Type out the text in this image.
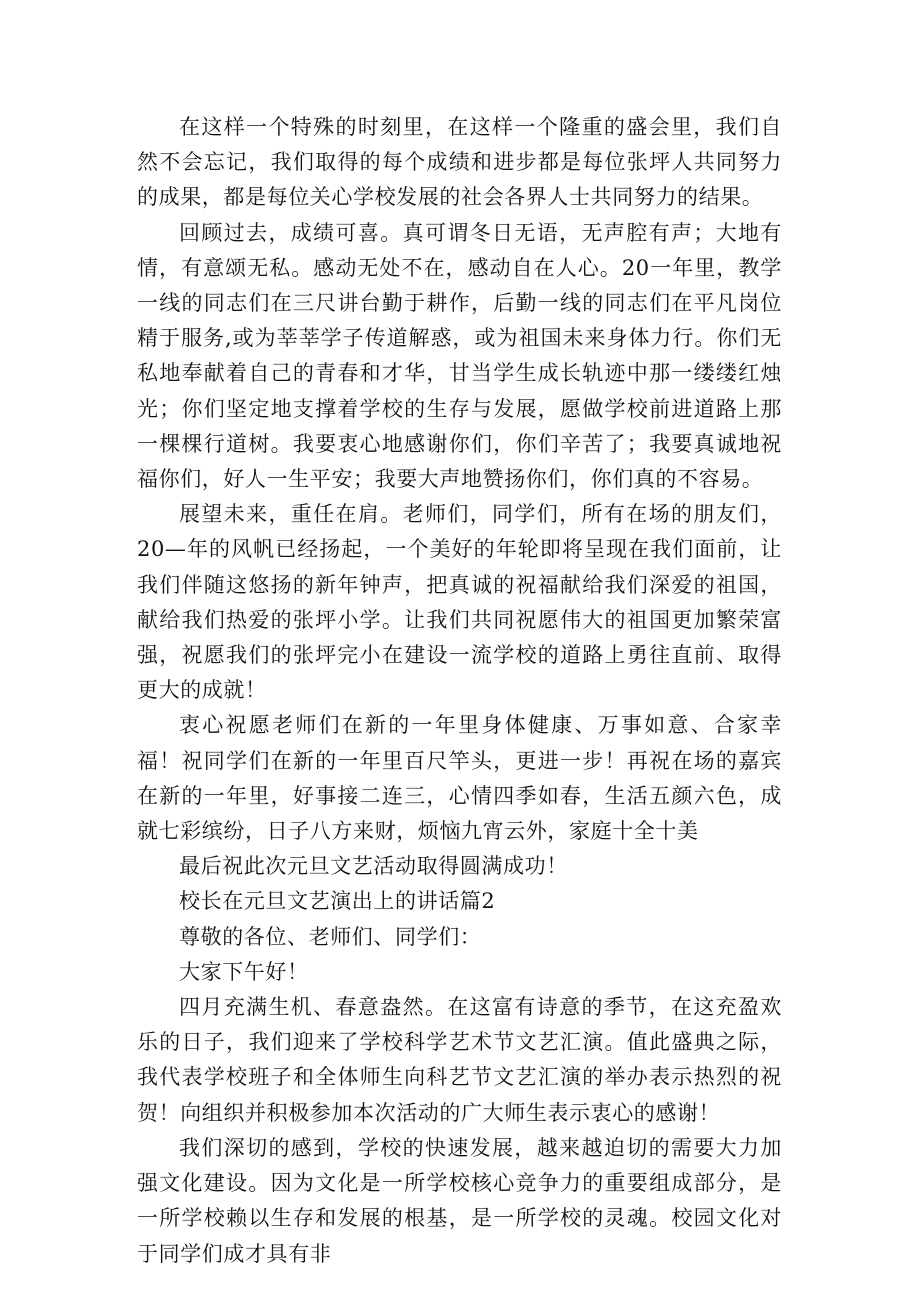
在这样一个特殊的时刻里，在这样一个隆重的盛会里，我们自然不会忘记，我们取得的每个成绩和进步都是每位张坪人共同努力的成果，都是每位关心学校发展的社会各界人士共同努力的结果。

回顾过去，成绩可喜。真可谓冬日无语，无声腔有声；大地有情，有意颂无私。感动无处不在，感动自在人心。20一年里，教学一线的同志们在三尺讲台勤于耕作，后勤一线的同志们在平凡岗位精于服务,或为莘莘学子传道解惑，或为祖国未来身体力行。你们无私地奉献着自己的青春和才华，甘当学生成长轨迹中那一缕缕红烛光；你们坚定地支撑着学校的生存与发展，愿做学校前进道路上那一棵棵行道树。我要衷心地感谢你们，你们辛苦了；我要真诚地祝福你们，好人一生平安；我要大声地赞扬你们，你们真的不容易。

展望未来，重任在肩。老师们，同学们，所有在场的朋友们，20—年的风帆已经扬起，一个美好的年轮即将呈现在我们面前，让我们伴随这悠扬的新年钟声，把真诚的祝福献给我们深爱的祖国，献给我们热爱的张坪小学。让我们共同祝愿伟大的祖国更加繁荣富强，祝愿我们的张坪完小在建设一流学校的道路上勇往直前、取得更大的成就！

衷心祝愿老师们在新的一年里身体健康、万事如意、合家幸福！祝同学们在新的一年里百尺竿头，更进一步！再祝在场的嘉宾在新的一年里，好事接二连三，心情四季如春，生活五颜六色，成就七彩缤纷，日子八方来财，烦恼九宵云外，家庭十全十美

最后祝此次元旦文艺活动取得圆满成功！

校长在元旦文艺演出上的讲话篇2

尊敬的各位、老师们、同学们：

大家下午好！

四月充满生机、春意盎然。在这富有诗意的季节，在这充盈欢乐的日子，我们迎来了学校科学艺术节文艺汇演。值此盛典之际，我代表学校班子和全体师生向科艺节文艺汇演的举办表示热烈的祝贺！向组织并积极参加本次活动的广大师生表示衷心的感谢！

我们深切的感到，学校的快速发展，越来越迫切的需要大力加强文化建设。因为文化是一所学校核心竞争力的重要组成部分，是一所学校赖以生存和发展的根基，是一所学校的灵魂。校园文化对于同学们成才具有非
